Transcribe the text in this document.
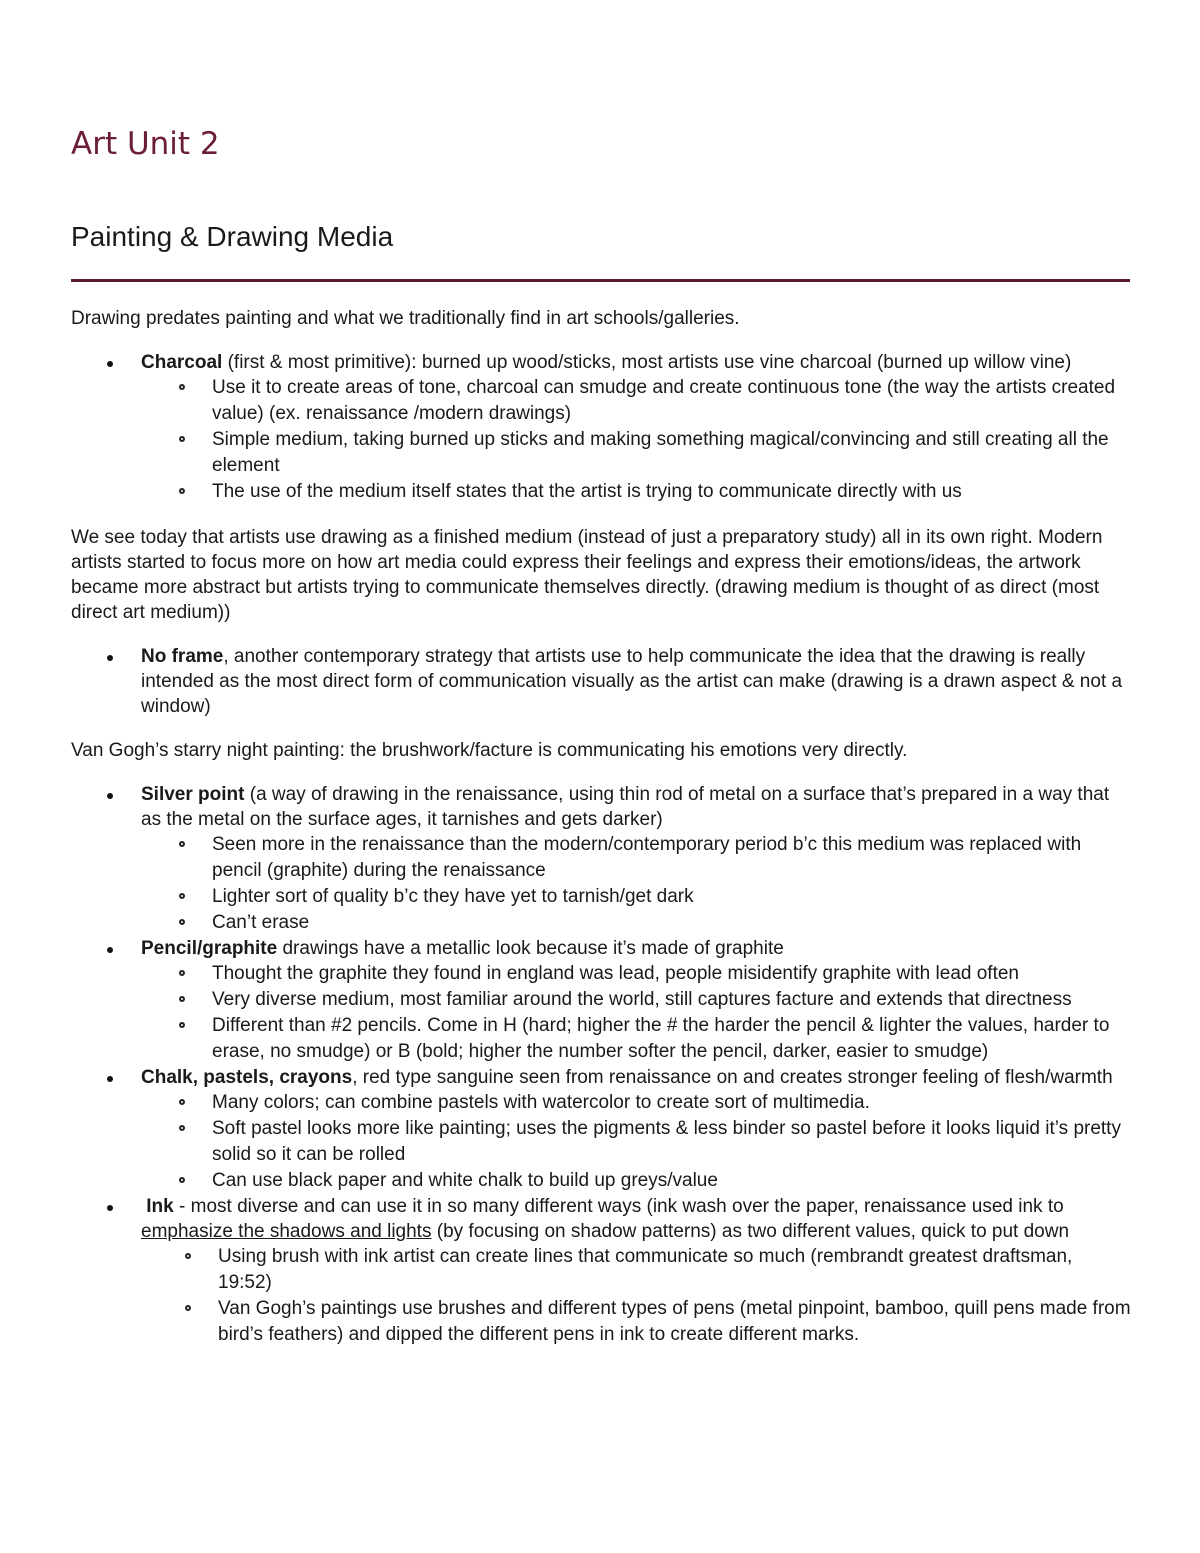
Art Unit 2
Painting & Drawing Media

Drawing predates painting and what we traditionally find in art schools/galleries.

Charcoal (first & most primitive): burned up wood/sticks, most artists use vine charcoal (burned up willow vine)
Use it to create areas of tone, charcoal can smudge and create continuous tone (the way the artists created value) (ex. renaissance /modern drawings)
Simple medium, taking burned up sticks and making something magical/convincing and still creating all the element
The use of the medium itself states that the artist is trying to communicate directly with us

We see today that artists use drawing as a finished medium (instead of just a preparatory study) all in its own right. Modern artists started to focus more on how art media could express their feelings and express their emotions/ideas, the artwork became more abstract but artists trying to communicate themselves directly. (drawing medium is thought of as direct (most direct art medium))

No frame, another contemporary strategy that artists use to help communicate the idea that the drawing is really intended as the most direct form of communication visually as the artist can make (drawing is a drawn aspect & not a window)

Van Gogh’s starry night painting: the brushwork/facture is communicating his emotions very directly.

Silver point (a way of drawing in the renaissance, using thin rod of metal on a surface that’s prepared in a way that as the metal on the surface ages, it tarnishes and gets darker)
Seen more in the renaissance than the modern/contemporary period b’c this medium was replaced with pencil (graphite) during the renaissance
Lighter sort of quality b’c they have yet to tarnish/get dark
Can’t erase
Pencil/graphite drawings have a metallic look because it’s made of graphite
Thought the graphite they found in england was lead, people misidentify graphite with lead often
Very diverse medium, most familiar around the world, still captures facture and extends that directness
Different than #2 pencils. Come in H (hard; higher the # the harder the pencil & lighter the values, harder to erase, no smudge) or B (bold; higher the number softer the pencil, darker, easier to smudge)
Chalk, pastels, crayons, red type sanguine seen from renaissance on and creates stronger feeling of flesh/warmth
Many colors; can combine pastels with watercolor to create sort of multimedia.
Soft pastel looks more like painting; uses the pigments & less binder so pastel before it looks liquid it’s pretty solid so it can be rolled
Can use black paper and white chalk to build up greys/value
Ink - most diverse and can use it in so many different ways (ink wash over the paper, renaissance used ink to emphasize the shadows and lights (by focusing on shadow patterns) as two different values, quick to put down
Using brush with ink artist can create lines that communicate so much (rembrandt greatest draftsman, 19:52)
Van Gogh’s paintings use brushes and different types of pens (metal pinpoint, bamboo, quill pens made from bird’s feathers) and dipped the different pens in ink to create different marks.
